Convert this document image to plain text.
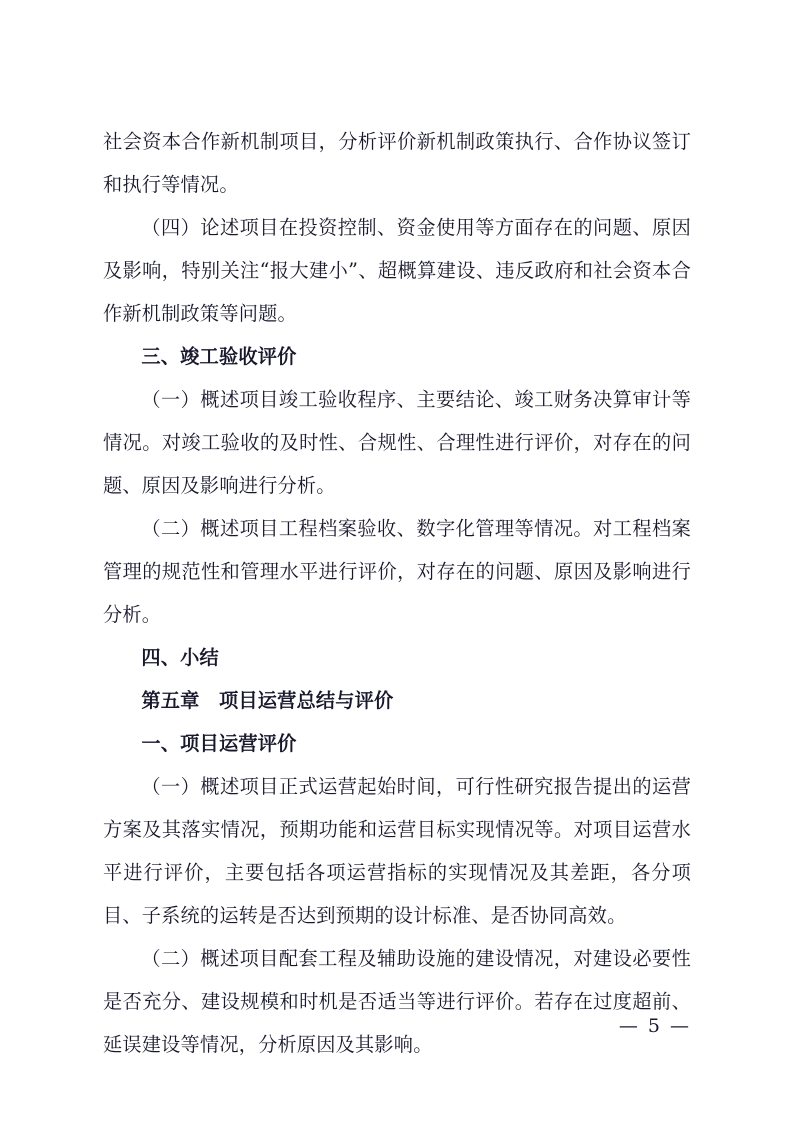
社会资本合作新机制项目，分析评价新机制政策执行、合作协议签订和执行等情况。

（四）论述项目在投资控制、资金使用等方面存在的问题、原因及影响，特别关注“报大建小”、超概算建设、违反政府和社会资本合作新机制政策等问题。

三、竣工验收评价

（一）概述项目竣工验收程序、主要结论、竣工财务决算审计等情况。对竣工验收的及时性、合规性、合理性进行评价，对存在的问题、原因及影响进行分析。

（二）概述项目工程档案验收、数字化管理等情况。对工程档案管理的规范性和管理水平进行评价，对存在的问题、原因及影响进行分析。

四、小结

第五章　项目运营总结与评价

一、项目运营评价

（一）概述项目正式运营起始时间，可行性研究报告提出的运营方案及其落实情况，预期功能和运营目标实现情况等。对项目运营水平进行评价，主要包括各项运营指标的实现情况及其差距，各分项目、子系统的运转是否达到预期的设计标准、是否协同高效。

（二）概述项目配套工程及辅助设施的建设情况，对建设必要性是否充分、建设规模和时机是否适当等进行评价。若存在过度超前、延误建设等情况，分析原因及其影响。

— 5 —
